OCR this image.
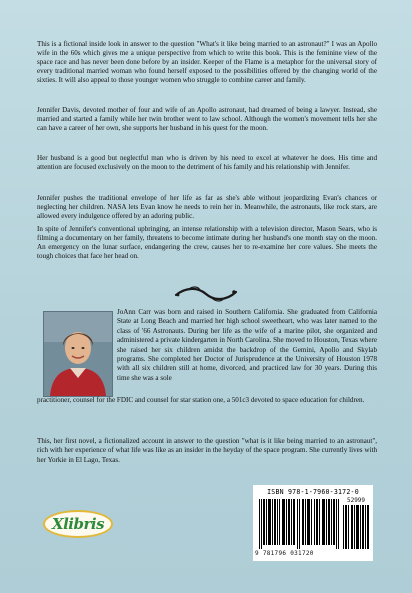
This is a fictional inside look in answer to the question "What's it like being married to an astronaut?" I was an Apollo wife in the 60s which gives me a unique perspective from which to write this book. This is the feminine view of the space race and has never been done before by an insider. Keeper of the Flame is a metaphor for the universal story of every traditional married woman who found herself exposed to the possibilities offered by the changing world of the sixties. It will also appeal to those younger women who struggle to combine career and family.

Jennifer Davis, devoted mother of four and wife of an Apollo astronaut, had dreamed of being a lawyer. Instead, she married and started a family while her twin brother went to law school. Although the women's movement tells her she can have a career of her own, she supports her husband in his quest for the moon.

Her husband is a good but neglectful man who is driven by his need to excel at whatever he does. His time and attention are focused exclusively on the moon to the detriment of his family and his relationship with Jennifer.

Jennifer pushes the traditional envelope of her life as far as she's able without jeopardizing Evan's chances or neglecting her children. NASA lets Evan know he needs to rein her in. Meanwhile, the astronauts, like rock stars, are allowed every indulgence offered by an adoring public.

In spite of Jennifer's conventional upbringing, an intense relationship with a television director, Mason Sears, who is filming a documentary on her family, threatens to become intimate during her husband's one month stay on the moon. An emergency on the lunar surface, endangering the crew, causes her to re-examine her core values. She meets the tough choices that face her head on.

JoAnn Carr was born and raised in Southern California. She graduated from California State at Long Beach and married her high school sweetheart, who was later named to the class of '66 Astronauts. During her life as the wife of a marine pilot, she organized and administered a private kindergarten in North Carolina. She moved to Houston, Texas where she raised her six children amidst the backdrop of the Gemini, Apollo and Skylab programs. She completed her Doctor of Jurisprudence at the University of Houston 1978 with all six children still at home, divorced, and practiced law for 30 years. During this time she was a sole

practitioner, counsel for the FDIC and counsel for star station one, a 501c3 devoted to space education for children.

This, her first novel, a fictionalized account in answer to the question "what is it like being married to an astronaut", rich with her experience of what life was like as an insider in the heyday of the space program. She currently lives with her Yorkie in El Lago, Texas.

Xlibris
ISBN 978-1-7960-3172-0
52999
9 781796 031720
